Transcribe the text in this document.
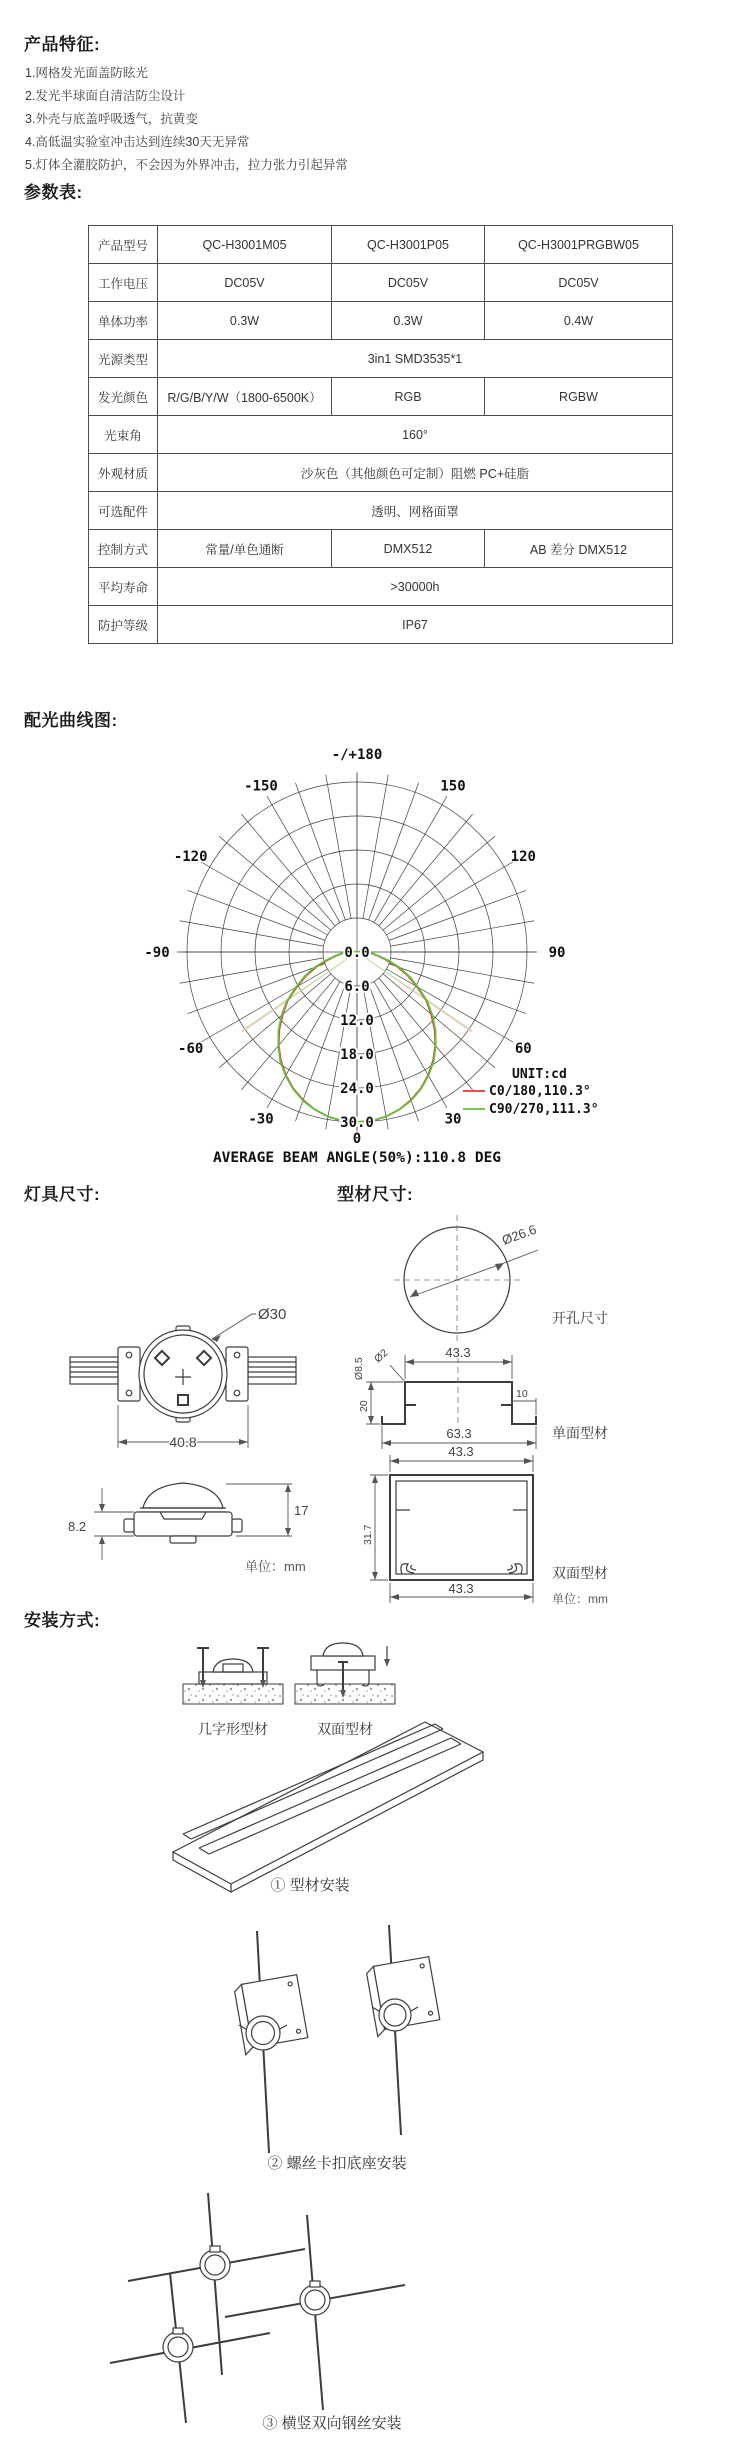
产品特征:
1.网格发光面盖防眩光
2.发光半球面自清洁防尘设计
3.外壳与底盖呼吸透气，抗黄变
4.高低温实验室冲击达到连续30天无异常
5.灯体全灌胶防护，不会因为外界冲击，拉力张力引起异常
参数表:
产品型号	QC-H3001M05	QC-H3001P05	QC-H3001PRGBW05
工作电压	DC05V	DC05V	DC05V
单体功率	0.3W	0.3W	0.4W
光源类型	3in1 SMD3535*1		
发光颜色	R/G/B/Y/W（1800-6500K）	RGB	RGBW
光束角	160°		
外观材质	沙灰色（其他颜色可定制）阻燃 PC+硅脂		
可选配件	透明、网格面罩		
控制方式	常量/单色通断	DMX512	AB 差分 DMX512
平均寿命	>30000h		
防护等级	IP67		
配光曲线图:
-/+180
-150	150
-120	120
-90	90
-60	60
-30	30
0
0.0
6.0
12.0
18.0
24.0
30.0
UNIT:cd
C0/180,110.3°
C90/270,111.3°
AVERAGE BEAM ANGLE(50%):110.8 DEG
灯具尺寸:	型材尺寸:
Ø30
40.8
17
8.2
单位：mm
Ø26.6
开孔尺寸
43.3
Ø2
10
63.3
20
Ø8.5
单面型材
43.3
43.3
31.7
双面型材
单位：mm
安装方式:
几字形型材	双面型材
① 型材安装
② 螺丝卡扣底座安装
③ 横竖双向钢丝安装
